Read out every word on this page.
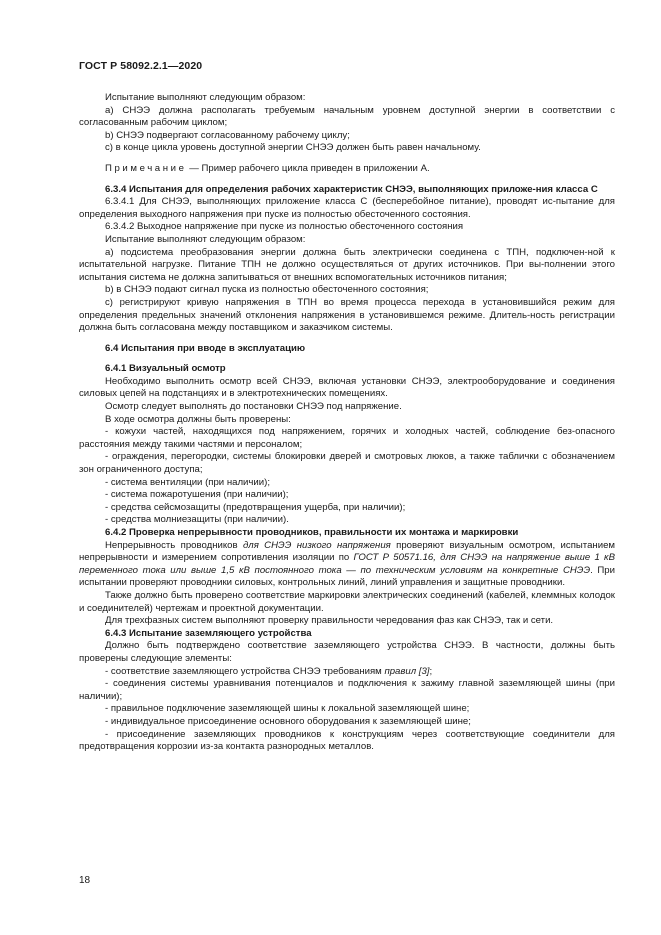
ГОСТ Р 58092.2.1—2020

Испытание выполняют следующим образом:

a) СНЭЭ должна располагать требуемым начальным уровнем доступной энергии в соответствии с согласованным рабочим циклом;

b) СНЭЭ подвергают согласованному рабочему циклу;

c) в конце цикла уровень доступной энергии СНЭЭ должен быть равен начальному.

Примечание — Пример рабочего цикла приведен в приложении А.

6.3.4 Испытания для определения рабочих характеристик СНЭЭ, выполняющих приложе-ния класса С

6.3.4.1 Для СНЭЭ, выполняющих приложение класса С (бесперебойное питание), проводят ис-пытание для определения выходного напряжения при пуске из полностью обесточенного состояния.

6.3.4.2 Выходное напряжение при пуске из полностью обесточенного состояния

Испытание выполняют следующим образом:

a) подсистема преобразования энергии должна быть электрически соединена с ТПН, подключен-ной к испытательной нагрузке. Питание ТПН не должно осуществляться от других источников. При вы-полнении этого испытания система не должна запитываться от внешних вспомогательных источников питания;

b) в СНЭЭ подают сигнал пуска из полностью обесточенного состояния;

c) регистрируют кривую напряжения в ТПН во время процесса перехода в установившийся режим для определения предельных значений отклонения напряжения в установившемся режиме. Длитель-ность регистрации должна быть согласована между поставщиком и заказчиком системы.

6.4 Испытания при вводе в эксплуатацию

6.4.1 Визуальный осмотр

Необходимо выполнить осмотр всей СНЭЭ, включая установки СНЭЭ, электрооборудование и соединения силовых цепей на подстанциях и в электротехнических помещениях.

Осмотр следует выполнять до постановки СНЭЭ под напряжение.

В ходе осмотра должны быть проверены:

- кожухи частей, находящихся под напряжением, горячих и холодных частей, соблюдение без-опасного расстояния между такими частями и персоналом;

- ограждения, перегородки, системы блокировки дверей и смотровых люков, а также таблички с обозначением зон ограниченного доступа;

- система вентиляции (при наличии);

- система пожаротушения (при наличии);

- средства сейсмозащиты (предотвращения ущерба, при наличии);

- средства молниезащиты (при наличии).

6.4.2 Проверка непрерывности проводников, правильности их монтажа и маркировки

Непрерывность проводников для СНЭЭ низкого напряжения проверяют визуальным осмотром, испытанием непрерывности и измерением сопротивления изоляции по ГОСТ Р 50571.16, для СНЭЭ на напряжение выше 1 кВ переменного тока или выше 1,5 кВ постоянного тока — по техническим условиям на конкретные СНЭЭ. При испытании проверяют проводники силовых, контрольных линий, линий управления и защитные проводники.

Также должно быть проверено соответствие маркировки электрических соединений (кабелей, клеммных колодок и соединителей) чертежам и проектной документации.

Для трехфазных систем выполняют проверку правильности чередования фаз как СНЭЭ, так и сети.

6.4.3 Испытание заземляющего устройства

Должно быть подтверждено соответствие заземляющего устройства СНЭЭ. В частности, должны быть проверены следующие элементы:

- соответствие заземляющего устройства СНЭЭ требованиям правил [3];

- соединения системы уравнивания потенциалов и подключения к зажиму главной заземляющей шины (при наличии);

- правильное подключение заземляющей шины к локальной заземляющей шине;

- индивидуальное присоединение основного оборудования к заземляющей шине;

- присоединение заземляющих проводников к конструкциям через соответствующие соединители для предотвращения коррозии из-за контакта разнородных металлов.

18
